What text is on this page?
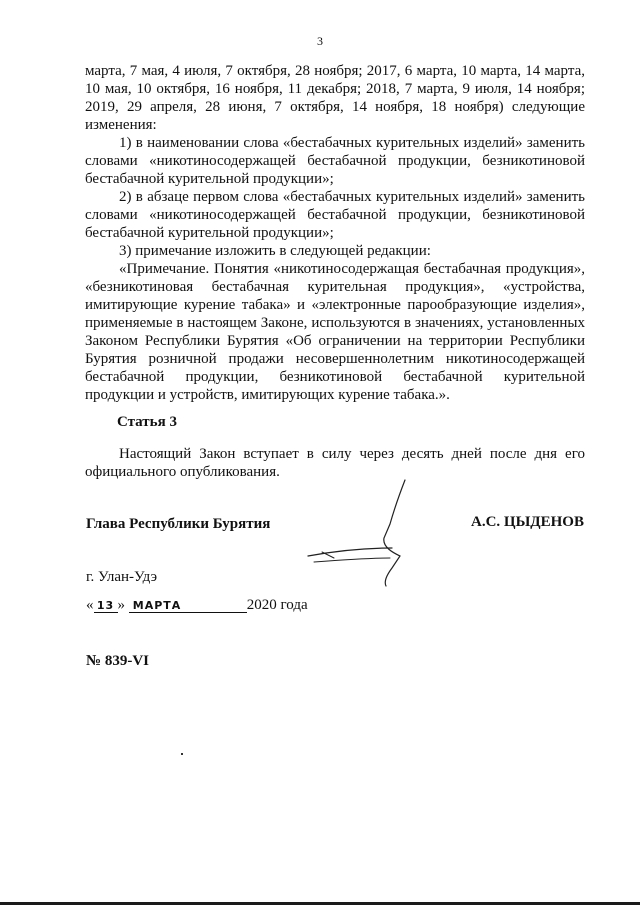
3

марта, 7 мая, 4 июля, 7 октября, 28 ноября; 2017, 6 марта, 10 марта, 14 марта, 10 мая, 10 октября, 16 ноября, 11 декабря; 2018, 7 марта, 9 июля, 14 ноября; 2019, 29 апреля, 28 июня, 7 октября, 14 ноября, 18 ноября) следующие изменения:

1) в наименовании слова «бестабачных курительных изделий» заменить словами «никотиносодержащей бестабачной продукции, безникотиновой бестабачной курительной продукции»;

2) в абзаце первом слова «бестабачных курительных изделий» заменить словами «никотиносодержащей бестабачной продукции, безникотиновой бестабачной курительной продукции»;

3) примечание изложить в следующей редакции:

«Примечание. Понятия «никотиносодержащая бестабачная продукция», «безникотиновая бестабачная курительная продукция», «устройства, имитирующие курение табака» и «электронные парообразующие изделия», применяемые в настоящем Законе, используются в значениях, установленных Законом Республики Бурятия «Об ограничении на территории Республики Бурятия розничной продажи несовершеннолетним никотиносодержащей бестабачной продукции, безникотиновой бестабачной курительной продукции и устройств, имитирующих курение табака.».

Статья 3
Настоящий Закон вступает в силу через десять дней после дня его официального опубликования.
Глава Республики Бурятия	А.С. ЦЫДЕНОВ
г. Улан-Удэ
« 13 » МАРТА	2020 года
№ 839-VI
